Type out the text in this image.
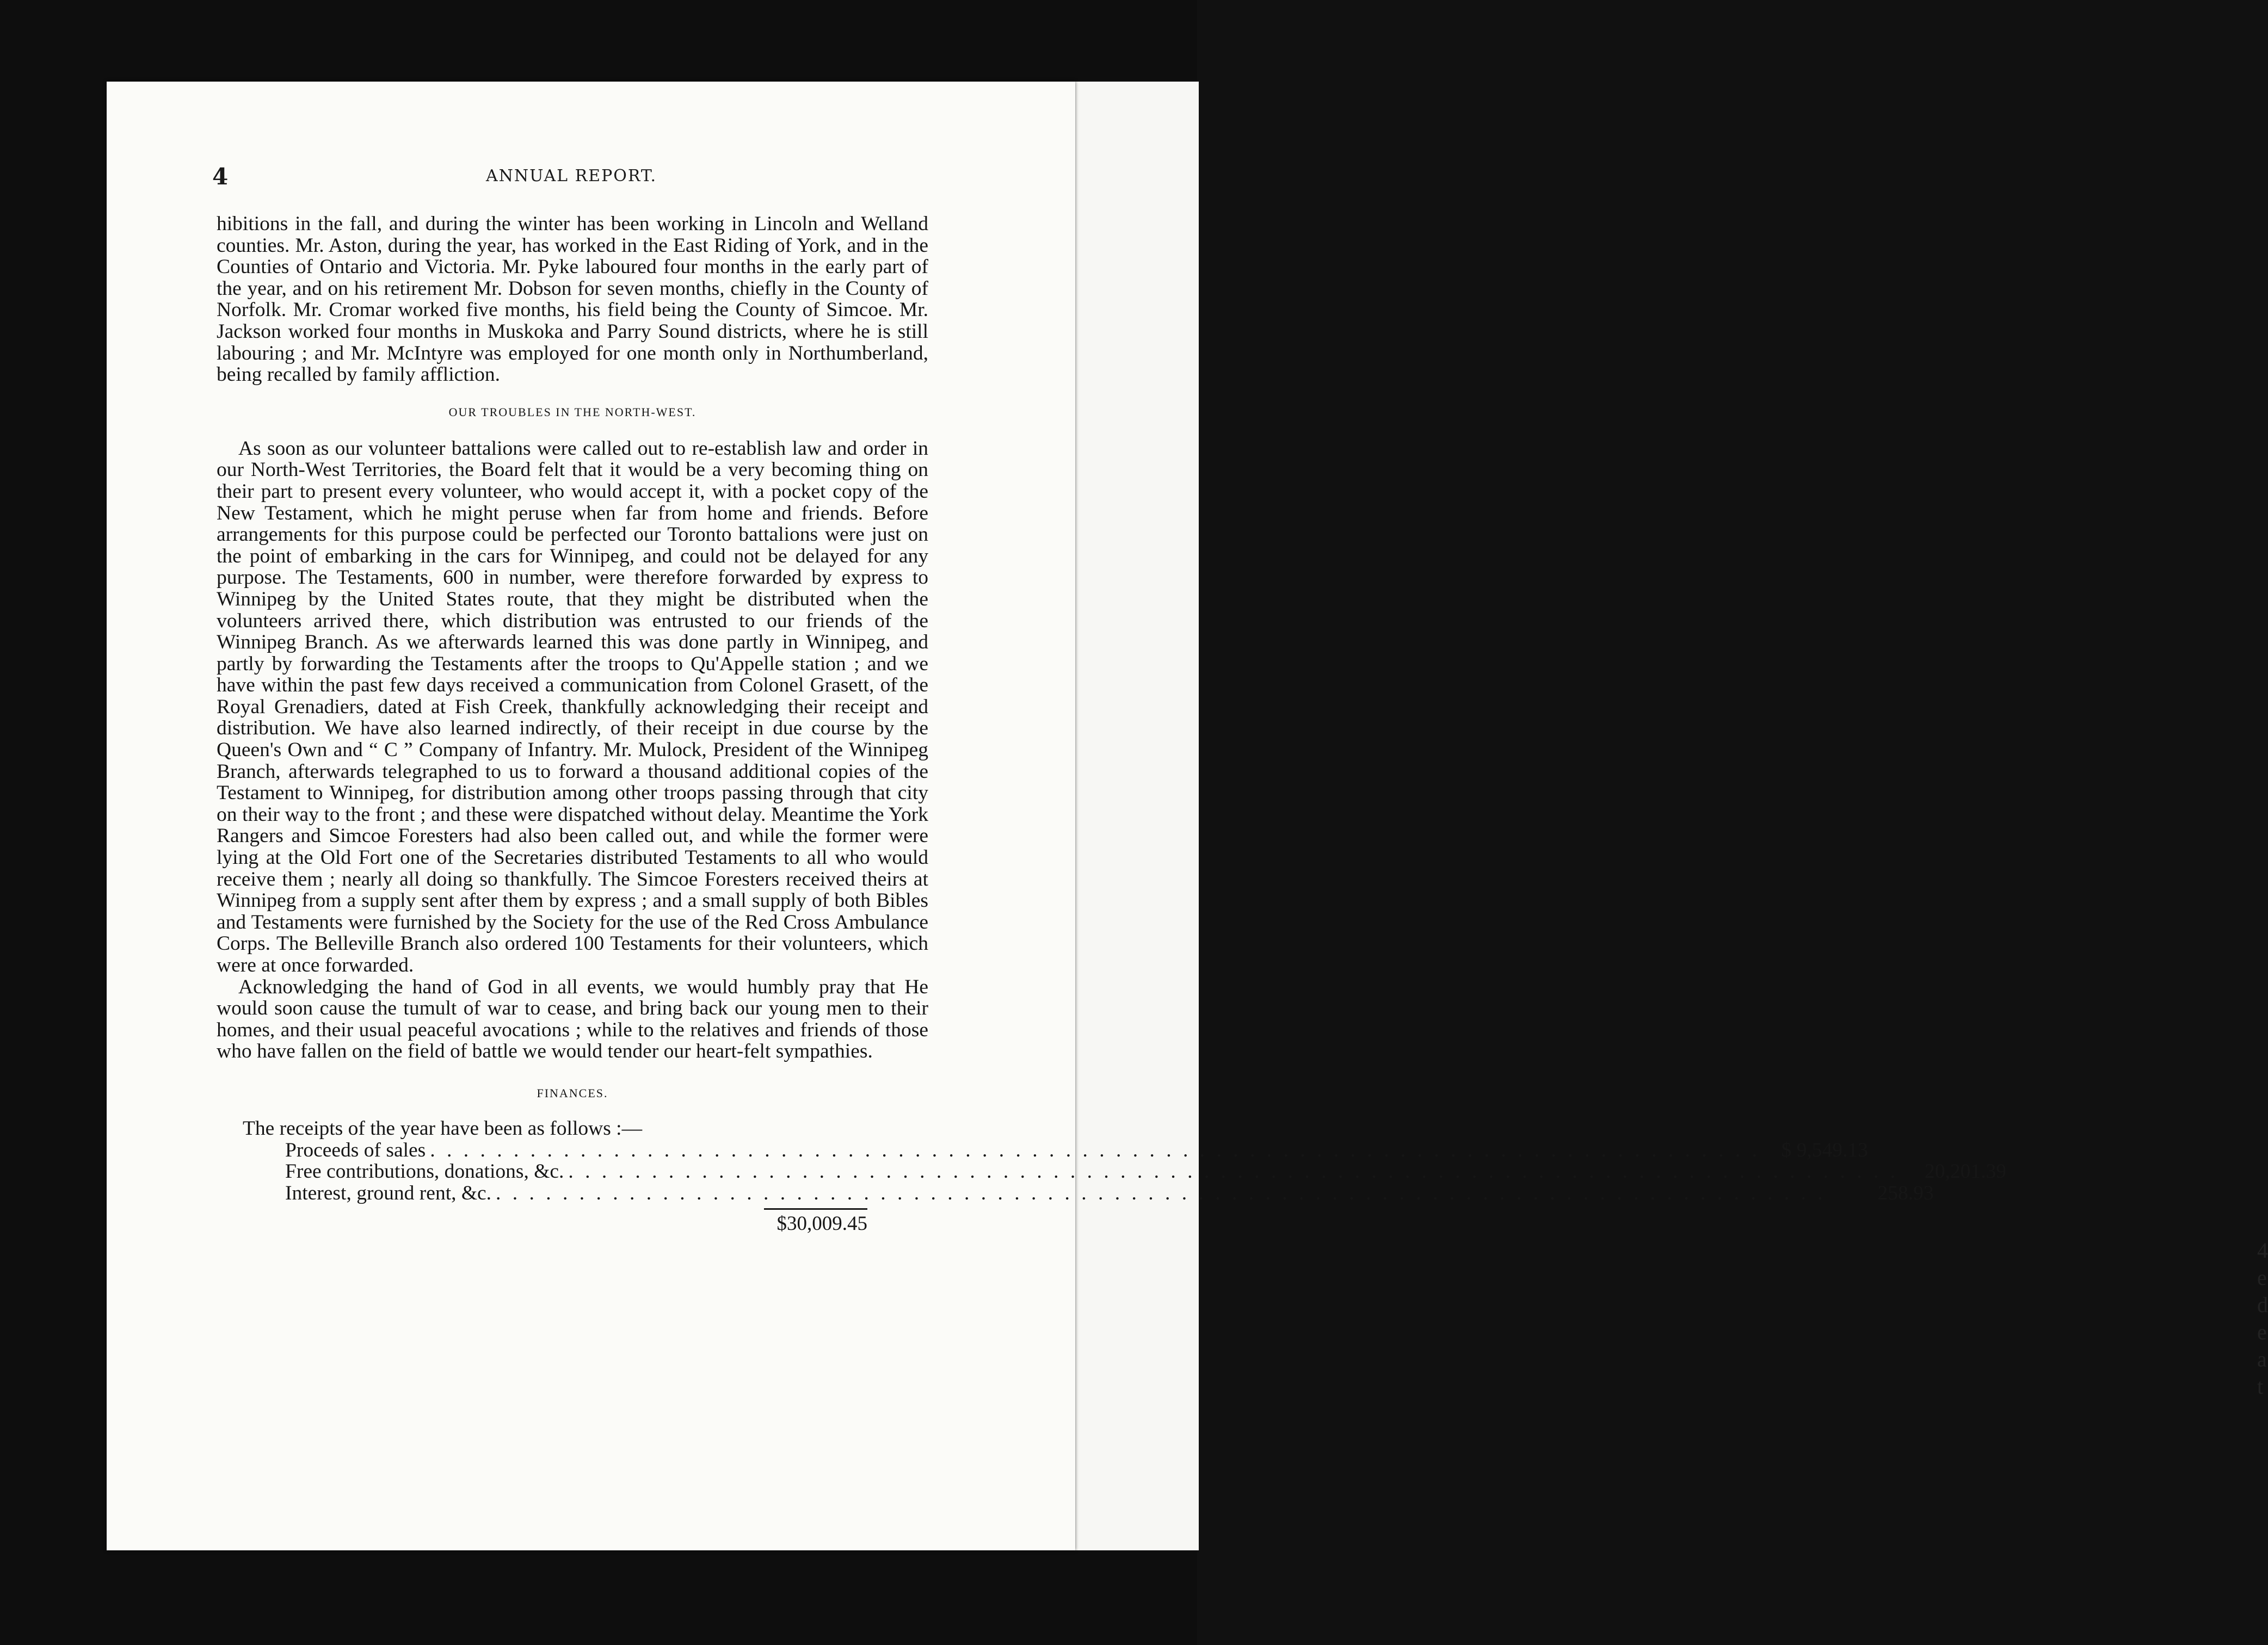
4
e
d
e
a
t
4	ANNUAL REPORT.

hibitions in the fall, and during the winter has been working in Lincoln and Welland counties. Mr. Aston, during the year, has worked in the East Riding of York, and in the Counties of Ontario and Victoria. Mr. Pyke laboured four months in the early part of the year, and on his retirement Mr. Dobson for seven months, chiefly in the County of Norfolk. Mr. Cromar worked five months, his field being the County of Simcoe. Mr. Jackson worked four months in Muskoka and Parry Sound districts, where he is still labouring ; and Mr. McIntyre was employed for one month only in Northumberland, being recalled by family affliction.

OUR TROUBLES IN THE NORTH-WEST.

As soon as our volunteer battalions were called out to re-establish law and order in our North-West Territories, the Board felt that it would be a very becoming thing on their part to present every volunteer, who would accept it, with a pocket copy of the New Testament, which he might peruse when far from home and friends. Before arrangements for this purpose could be perfected our Toronto battalions were just on the point of embarking in the cars for Winnipeg, and could not be delayed for any purpose. The Testaments, 600 in number, were therefore forwarded by express to Winnipeg by the United States route, that they might be distributed when the volunteers arrived there, which distribution was entrusted to our friends of the Winnipeg Branch. As we afterwards learned this was done partly in Winnipeg, and partly by forwarding the Testaments after the troops to Qu'Appelle station ; and we have within the past few days received a communication from Colonel Grasett, of the Royal Grenadiers, dated at Fish Creek, thankfully acknowledging their receipt and distribution. We have also learned indirectly, of their receipt in due course by the Queen's Own and “ C ” Company of Infantry. Mr. Mulock, President of the Winnipeg Branch, afterwards telegraphed to us to forward a thousand additional copies of the Testament to Winnipeg, for distribution among other troops passing through that city on their way to the front ; and these were dispatched without delay. Meantime the York Rangers and Simcoe Foresters had also been called out, and while the former were lying at the Old Fort one of the Secretaries distributed Testaments to all who would receive them ; nearly all doing so thankfully. The Simcoe Foresters received theirs at Winnipeg from a supply sent after them by express ; and a small supply of both Bibles and Testaments were furnished by the Society for the use of the Red Cross Ambulance Corps. The Belleville Branch also ordered 100 Testaments for their volunteers, which were at once forwarded.

Acknowledging the hand of God in all events, we would humbly pray that He would soon cause the tumult of war to cease, and bring back our young men to their homes, and their usual peaceful avocations ; while to the relatives and friends of those who have fallen on the field of battle we would tender our heart-felt sympathies.

FINANCES.

The receipts of the year have been as follows :—

Proceeds of sales . . . . . . . . . . . . . . . . . . . . . . . . . . . . . . . . . . . . . . . . . . . . . . . . . . . . . . . . . . . . . . . . . . . . . . . . . . . . . . . .	$ 9,549.13
Free contributions, donations, &c. . . . . . . . . . . . . . . . . . . . . . . . . . . . . . . . . . . . . . . . . . . . . . . . . . . . . . . . . . . . . . . . . . . . . . . . . . . . . . . . .	20,201.39
Interest, ground rent, &c. . . . . . . . . . . . . . . . . . . . . . . . . . . . . . . . . . . . . . . . . . . . . . . . . . . . . . . . . . . . . . . . . . . . . . . . . . . . . . . . .	258.93
$30,009.45
